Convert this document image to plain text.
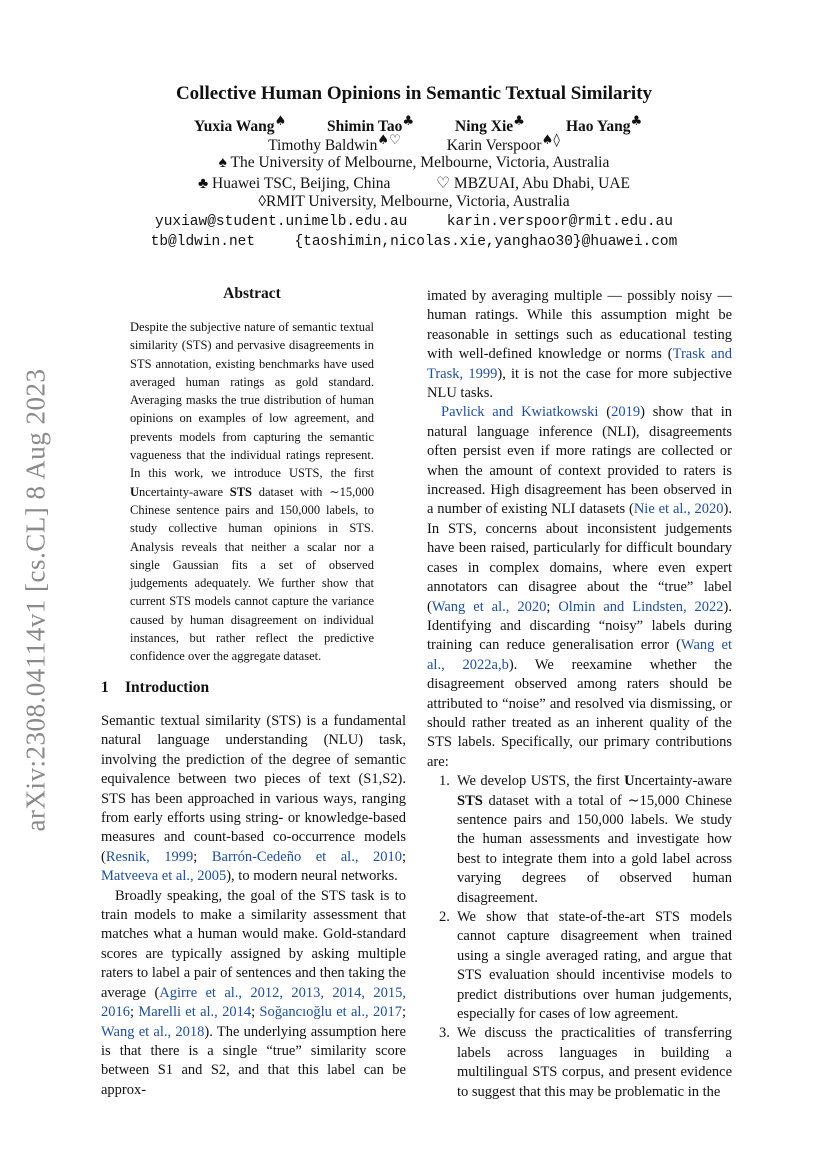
arXiv:2308.04114v1 [cs.CL] 8 Aug 2023
Collective Human Opinions in Semantic Textual Similarity
Yuxia Wang♠	Shimin Tao♣	Ning Xie♣	Hao Yang♣
Timothy Baldwin♠♡	Karin Verspoor♠◊
♠ The University of Melbourne, Melbourne, Victoria, Australia
♣ Huawei TSC, Beijing, China	♡ MBZUAI, Abu Dhabi, UAE
◊RMIT University, Melbourne, Victoria, Australia
yuxiaw@student.unimelb.edu.au	karin.verspoor@rmit.edu.au
tb@ldwin.net	{taoshimin,nicolas.xie,yanghao30}@huawei.com
Abstract
Despite the subjective nature of semantic textual similarity (STS) and pervasive disagreements in STS annotation, existing benchmarks have used averaged human ratings as gold standard. Averaging masks the true distribution of human opinions on examples of low agreement, and prevents models from capturing the semantic vagueness that the individual ratings represent. In this work, we introduce USTS, the first Uncertainty-aware STS dataset with ∼15,000 Chinese sentence pairs and 150,000 labels, to study collective human opinions in STS. Analysis reveals that neither a scalar nor a single Gaussian fits a set of observed judgements adequately. We further show that current STS models cannot capture the variance caused by human disagreement on individual instances, but rather reflect the predictive confidence over the aggregate dataset.
1 Introduction

Semantic textual similarity (STS) is a fundamental natural language understanding (NLU) task, involving the prediction of the degree of semantic equivalence between two pieces of text (S1,S2). STS has been approached in various ways, ranging from early efforts using string- or knowledge-based measures and count-based co-occurrence models (Resnik, 1999; Barrón-Cedeño et al., 2010; Matveeva et al., 2005), to modern neural networks.

Broadly speaking, the goal of the STS task is to train models to make a similarity assessment that matches what a human would make. Gold-standard scores are typically assigned by asking multiple raters to label a pair of sentences and then taking the average (Agirre et al., 2012, 2013, 2014, 2015, 2016; Marelli et al., 2014; Soğancıoğlu et al., 2017; Wang et al., 2018). The underlying assumption here is that there is a single “true” similarity score between S1 and S2, and that this label can be approx-

imated by averaging multiple — possibly noisy — human ratings. While this assumption might be reasonable in settings such as educational testing with well-defined knowledge or norms (Trask and Trask, 1999), it is not the case for more subjective NLU tasks.

Pavlick and Kwiatkowski (2019) show that in natural language inference (NLI), disagreements often persist even if more ratings are collected or when the amount of context provided to raters is increased. High disagreement has been observed in a number of existing NLI datasets (Nie et al., 2020). In STS, concerns about inconsistent judgements have been raised, particularly for difficult boundary cases in complex domains, where even expert annotators can disagree about the “true” label (Wang et al., 2020; Olmin and Lindsten, 2022). Identifying and discarding “noisy” labels during training can reduce generalisation error (Wang et al., 2022a,b). We reexamine whether the disagreement observed among raters should be attributed to “noise” and resolved via dismissing, or should rather treated as an inherent quality of the STS labels. Specifically, our primary contributions are:

1. We develop USTS, the first Uncertainty-aware STS dataset with a total of ∼15,000 Chinese sentence pairs and 150,000 labels. We study the human assessments and investigate how best to integrate them into a gold label across varying degrees of observed human disagreement.
2. We show that state-of-the-art STS models cannot capture disagreement when trained using a single averaged rating, and argue that STS evaluation should incentivise models to predict distributions over human judgements, especially for cases of low agreement.
3. We discuss the practicalities of transferring labels across languages in building a multilingual STS corpus, and present evidence to suggest that this may be problematic in the
